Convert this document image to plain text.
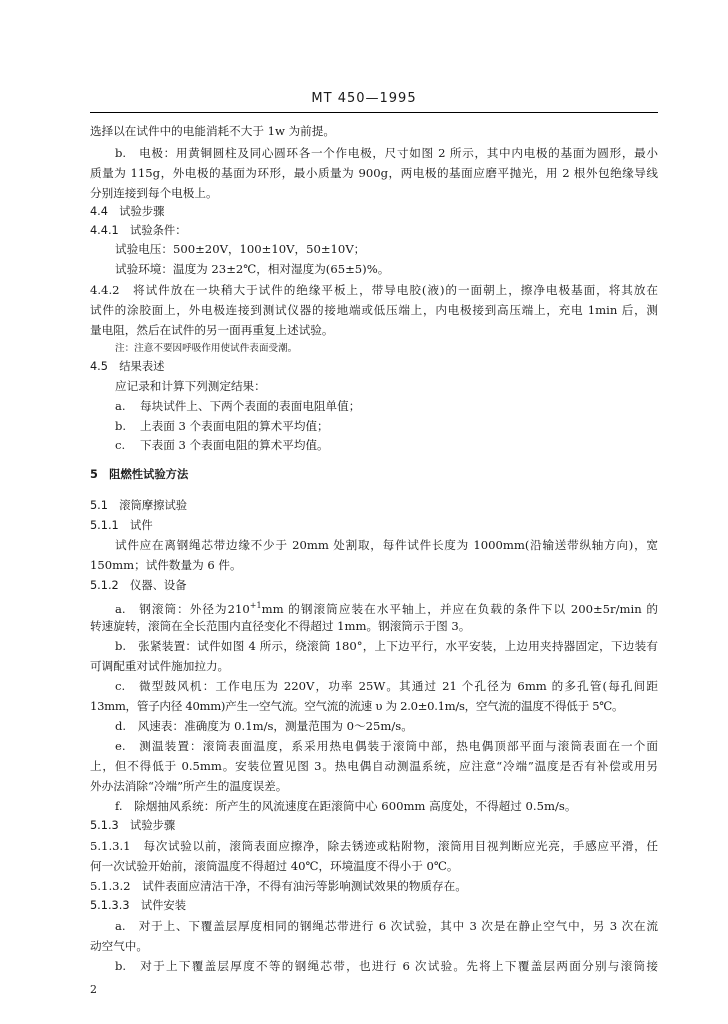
MT 450—1995
选择以在试件中的电能消耗不大于 1w 为前提。
b.　电极：用黄铜圆柱及同心圆环各一个作电极，尺寸如图 2 所示，其中内电极的基面为圆形，最小
质量为 115g，外电极的基面为环形，最小质量为 900g，两电极的基面应磨平抛光，用 2 根外包绝缘导线
分别连接到每个电极上。
4.4　试验步骤
4.4.1　试验条件：
试验电压：500±20V，100±10V，50±10V；
试验环境：温度为 23±2℃，相对湿度为(65±5)%。
4.4.2　将试件放在一块稍大于试件的绝缘平板上，带导电胶(液)的一面朝上，擦净电极基面，将其放在
试件的涂胶面上，外电极连接到测试仪器的接地端或低压端上，内电极接到高压端上，充电 1min 后，测
量电阻，然后在试件的另一面再重复上述试验。
注：注意不要因呼吸作用使试件表面受潮。
4.5　结果表述
应记录和计算下列测定结果：
a.	每块试件上、下两个表面的表面电阻单值；
b.	上表面 3 个表面电阻的算术平均值；
c.	下表面 3 个表面电阻的算术平均值。
5　阻燃性试验方法
5.1　滚筒摩擦试验
5.1.1　试件
试件应在离钢绳芯带边缘不少于 20mm 处割取，每件试件长度为 1000mm(沿输送带纵轴方向)，宽
150mm；试件数量为 6 件。
5.1.2　仪器、设备
a.　钢滚筒：外径为$210^{+1}mm$ 的钢滚筒应装在水平轴上，并应在负载的条件下以 200±5r/min 的
转速旋转，滚筒在全长范围内直径变化不得超过 1mm。钢滚筒示于图 3。
b.　张紧装置：试件如图 4 所示，绕滚筒 180°，上下边平行，水平安装，上边用夹持器固定，下边装有
可调配重对试件施加拉力。
c.　微型鼓风机：工作电压为 220V，功率 25W。其通过 21 个孔径为 6mm 的多孔管(每孔间距
13mm，管子内径 40mm)产生一空气流。空气流的流速 υ 为 2.0±0.1m/s，空气流的温度不得低于 5℃。
d.　风速表：准确度为 0.1m/s，测量范围为 0～25m/s。
e.　测温装置：滚筒表面温度，系采用热电偶装于滚筒中部，热电偶顶部平面与滚筒表面在一个面
上，但不得低于 0.5mm。安装位置见图 3。热电偶自动测温系统，应注意“冷端”温度是否有补偿或用另
外办法消除“冷端”所产生的温度误差。
f.　除烟抽风系统：所产生的风流速度在距滚筒中心 600mm 高度处，不得超过 0.5m/s。
5.1.3　试验步骤
5.1.3.1　每次试验以前，滚筒表面应擦净，除去锈迹或粘附物，滚筒用目视判断应光亮，手感应平滑，任
何一次试验开始前，滚筒温度不得超过 40℃，环境温度不得小于 0℃。
5.1.3.2　试件表面应清洁干净，不得有油污等影响测试效果的物质存在。
5.1.3.3　试件安装
a.　对于上、下覆盖层厚度相同的钢绳芯带进行 6 次试验，其中 3 次是在静止空气中，另 3 次在流
动空气中。
b.　对于上下覆盖层厚度不等的钢绳芯带，也进行 6 次试验。先将上下覆盖层两面分别与滚筒接
2
